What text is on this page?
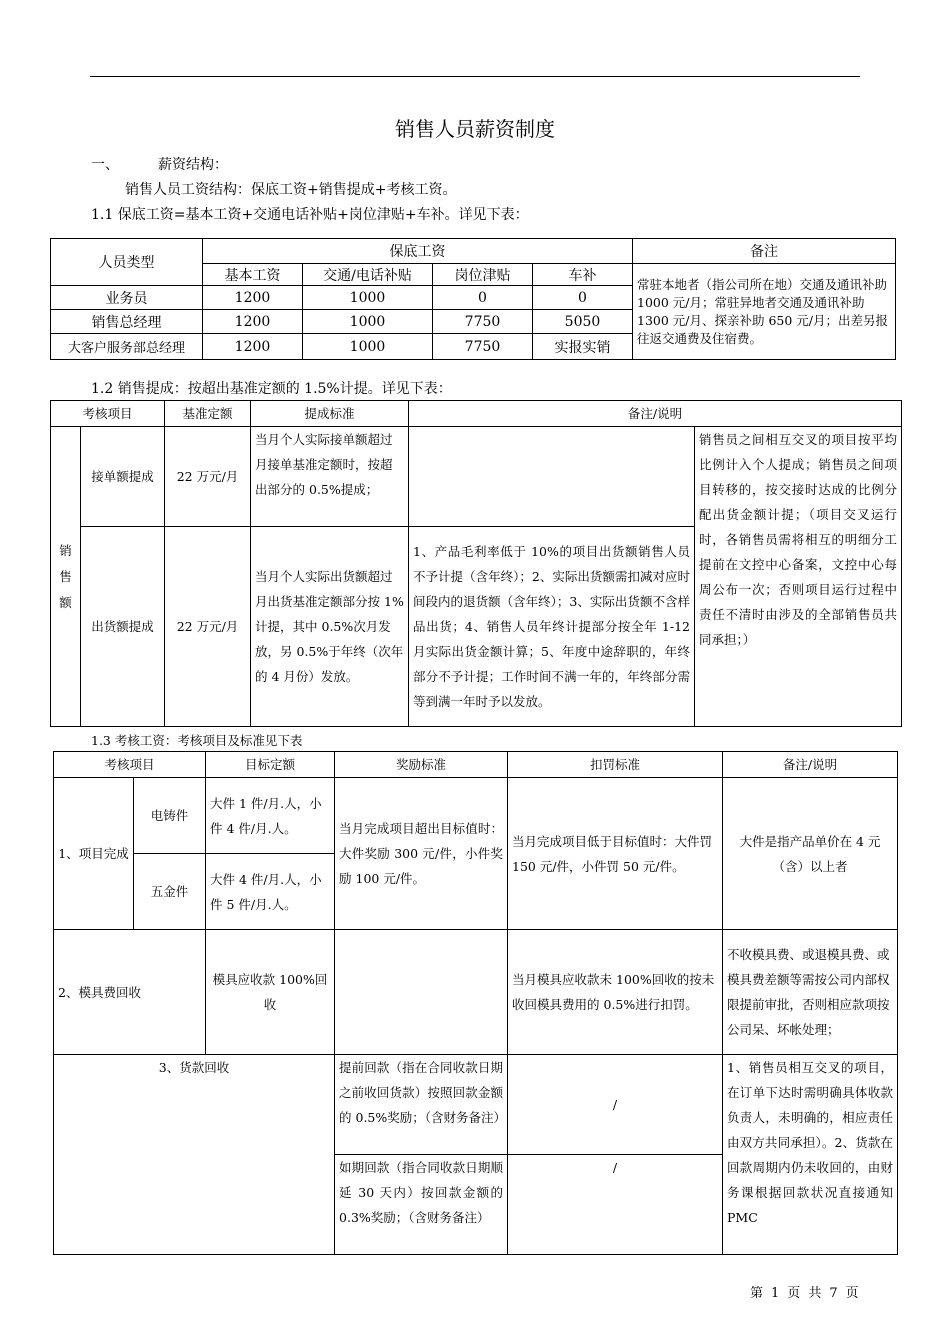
销售人员薪资制度
一、	薪资结构：
销售人员工资结构：保底工资+销售提成+考核工资。
1.1 保底工资=基本工资+交通电话补贴+岗位津贴+车补。详见下表：
人员类型	保底工资				备注
	基本工资	交通/电话补贴	岗位津贴	车补	常驻本地者（指公司所在地）交通及通讯补助 1000 元/月；常驻异地者交通及通讯补助 1300 元/月、探亲补助 650 元/月；出差另报往返交通费及住宿费。
业务员	1200	1000	0	0	
销售总经理	1200	1000	7750	5050	
大客户服务部总经理	1200	1000	7750	实报实销	
1.2 销售提成：按超出基准定额的 1.5%计提。详见下表：
考核项目		基准定额	提成标准	备注/说明	
销售额	接单额提成	22 万元/月	当月个人实际接单额超过月接单基准定额时，按超出部分的 0.5%提成；		销售员之间相互交叉的项目按平均比例计入个人提成；销售员之间项目转移的，按交接时达成的比例分配出货金额计提；（项目交叉运行时，各销售员需将相互的明细分工提前在文控中心备案，文控中心每周公布一次；否则项目运行过程中责任不清时由涉及的全部销售员共同承担；）
	出货额提成	22 万元/月	当月个人实际出货额超过月出货基准定额部分按 1%计提，其中 0.5%次月发放，另 0.5%于年终（次年的 4 月份）发放。	1、产品毛利率低于 10%的项目出货额销售人员不予计提（含年终）；2、实际出货额需扣减对应时间段内的退货额（含年终）；3、实际出货额不含样品出货；4、销售人员年终计提部分按全年 1-12 月实际出货金额计算；5、年度中途辞职的，年终部分不予计提；工作时间不满一年的，年终部分需等到满一年时予以发放。	
1.3 考核工资：考核项目及标准见下表
考核项目		目标定额	奖励标准	扣罚标准	备注/说明
1、项目完成	电铸件	大件 1 件/月.人，小件 4 件/月.人。	当月完成项目超出目标值时：大件奖励 300 元/件，小件奖励 100 元/件。	当月完成项目低于目标值时：大件罚 150 元/件，小件罚 50 元/件。	大件是指产品单价在 4 元（含）以上者
	五金件	大件 4 件/月.人，小件 5 件/月.人。			
2、模具费回收		模具应收款 100%回收		当月模具应收款未 100%回收的按未收回模具费用的 0.5%进行扣罚。	不收模具费、或退模具费、或模具费差额等需按公司内部权限提前审批，否则相应款项按公司呆、坏帐处理；
3、货款回收			提前回款（指在合同收款日期之前收回货款）按照回款金额的 0.5%奖励；（含财务备注）	/	1、销售员相互交叉的项目，在订单下达时需明确具体收款负责人，未明确的，相应责任由双方共同承担）。2、货款在回款周期内仍未收回的，由财务课根据回款状况直接通知PMC
			如期回款（指合同收款日期顺延 30 天内）按回款金额的 0.3%奖励；（含财务备注）	/	
第 1 页 共 7 页
